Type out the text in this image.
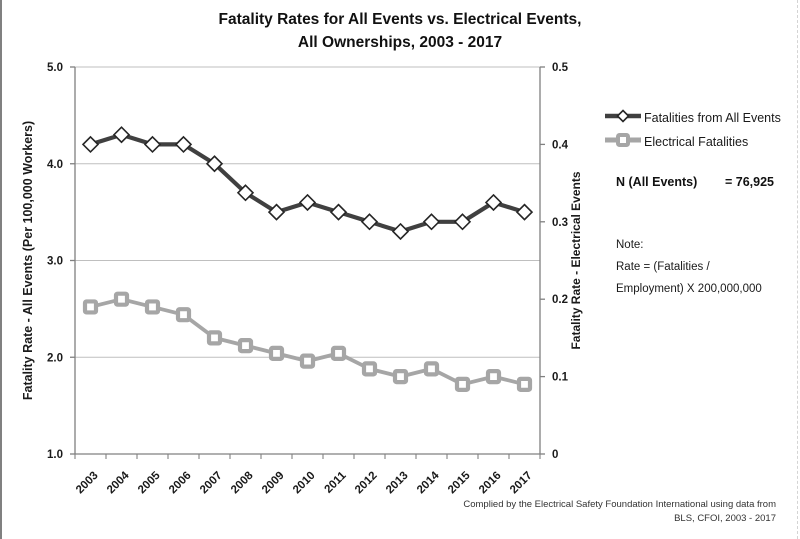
Fatality Rates for All Events vs. Electrical Events,
All Ownerships, 2003 - 2017
5.0
4.0
3.0
2.0
1.0
0.5
0.4
0.3
0.2
0.1
0
2003 2004 2005 2006 2007 2008 2009 2010 2011 2012 2013 2014 2015 2016 2017
Fatality Rate - All Events (Per 100,000 Workers)	Fatality Rate - Electrical Events
Fatalities from All Events
Electrical Fatalities
N (All Events) = 76,925
Note:
Rate = (Fatalities /
Employment) X 200,000,000
Complied by the Electrical Safety Foundation International using data from
BLS, CFOI, 2003 - 2017
